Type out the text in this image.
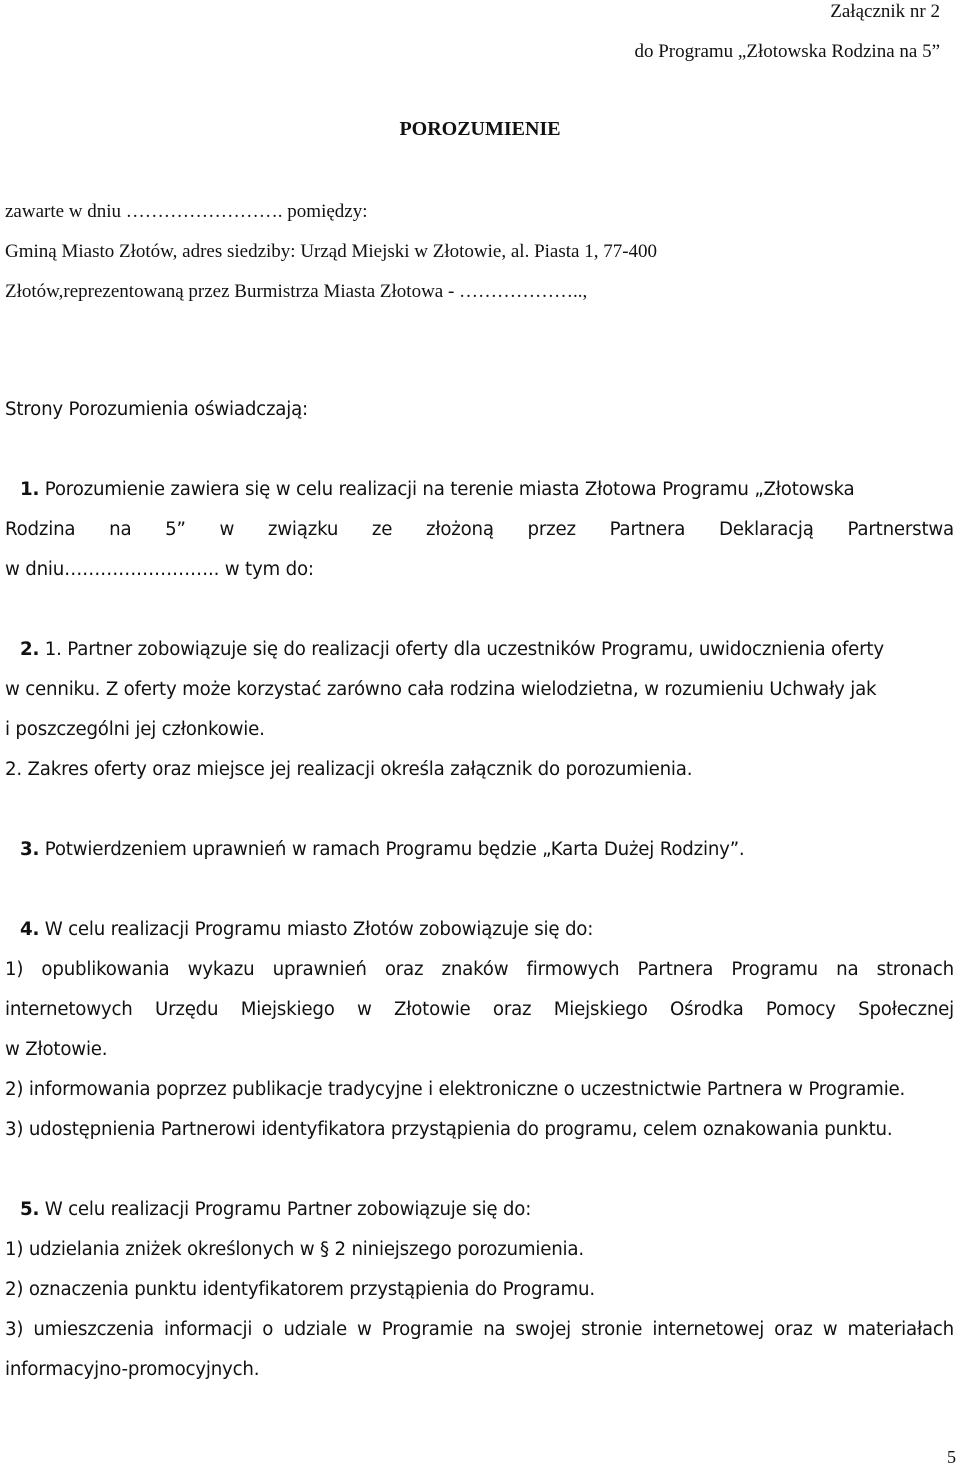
Załącznik nr 2
do Programu „Złotowska Rodzina na 5”
POROZUMIENIE
zawarte w dniu ……………………. pomiędzy:
Gminą Miasto Złotów, adres siedziby: Urząd Miejski w Złotowie, al. Piasta 1, 77-400
Złotów,reprezentowaną przez Burmistrza Miasta Złotowa - ………………..,
Strony Porozumienia oświadczają:
1. Porozumienie zawiera się w celu realizacji na terenie miasta Złotowa Programu „Złotowska
Rodzina na 5” w związku ze złożoną przez Partnera Deklaracją Partnerstwa
w dniu…………………….. w tym do:
2. 1. Partner zobowiązuje się do realizacji oferty dla uczestników Programu, uwidocznienia oferty
w cenniku. Z oferty może korzystać zarówno cała rodzina wielodzietna, w rozumieniu Uchwały jak
i poszczególni jej członkowie.
2. Zakres oferty oraz miejsce jej realizacji określa załącznik do porozumienia.
3. Potwierdzeniem uprawnień w ramach Programu będzie „Karta Dużej Rodziny”.
4. W celu realizacji Programu miasto Złotów zobowiązuje się do:
1) opublikowania wykazu uprawnień oraz znaków firmowych Partnera Programu na stronach
internetowych Urzędu Miejskiego w Złotowie oraz Miejskiego Ośrodka Pomocy Społecznej
w Złotowie.
2) informowania poprzez publikacje tradycyjne i elektroniczne o uczestnictwie Partnera w Programie.
3) udostępnienia Partnerowi identyfikatora przystąpienia do programu, celem oznakowania punktu.
5. W celu realizacji Programu Partner zobowiązuje się do:
1) udzielania zniżek określonych w § 2 niniejszego porozumienia.
2) oznaczenia punktu identyfikatorem przystąpienia do Programu.
3) umieszczenia informacji o udziale w Programie na swojej stronie internetowej oraz w materiałach
informacyjno-promocyjnych.
5
